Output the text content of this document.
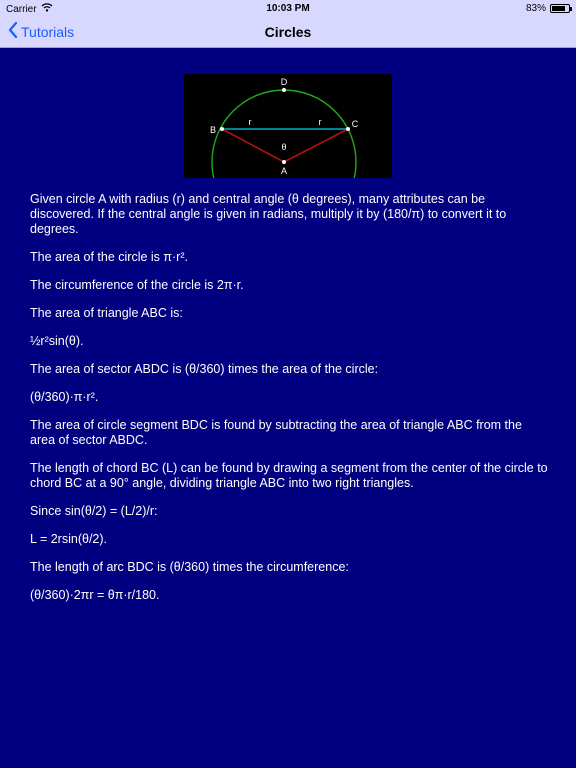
Carrier	10:03 PM	83%
Tutorials	Circles
D
B
C
A
r	r
θ

Given circle A with radius (r) and central angle (θ degrees), many attributes can be discovered. If the central angle is given in radians, multiply it by (180/π) to convert it to degrees.

The area of the circle is π·r².

The circumference of the circle is 2π·r.

The area of triangle ABC is:

½r²sin(θ).

The area of sector ABDC is (θ/360) times the area of the circle:

(θ/360)·π·r².

The area of circle segment BDC is found by subtracting the area of triangle ABC from the area of sector ABDC.

The length of chord BC (L) can be found by drawing a segment from the center of the circle to chord BC at a 90° angle, dividing triangle ABC into two right triangles.

Since sin(θ/2) = (L/2)/r:

L = 2rsin(θ/2).

The length of arc BDC is (θ/360) times the circumference:

(θ/360)·2πr = θπ·r/180.
